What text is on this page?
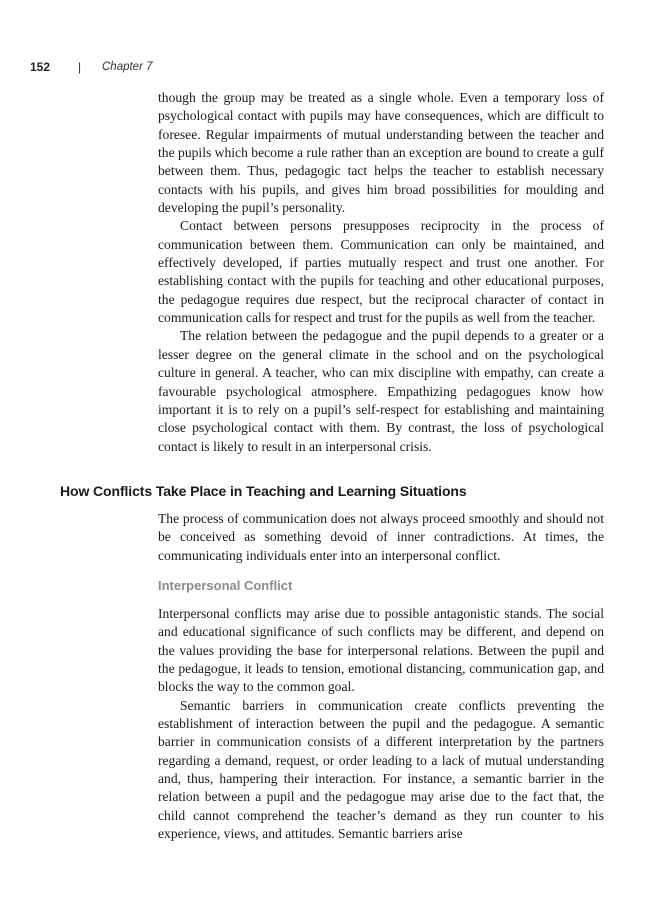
152	|	Chapter 7

though the group may be treated as a single whole. Even a temporary loss of psychological contact with pupils may have consequences, which are difficult to foresee. Regular impairments of mutual understanding between the teacher and the pupils which become a rule rather than an exception are bound to create a gulf between them. Thus, pedagogic tact helps the teacher to establish necessary contacts with his pupils, and gives him broad possibilities for moulding and developing the pupil’s personality.

Contact between persons presupposes reciprocity in the process of communication between them. Communication can only be maintained, and effectively developed, if parties mutually respect and trust one another. For establishing contact with the pupils for teaching and other educational purposes, the pedagogue requires due respect, but the reciprocal character of contact in communication calls for respect and trust for the pupils as well from the teacher.

The relation between the pedagogue and the pupil depends to a greater or a lesser degree on the general climate in the school and on the psychological culture in general. A teacher, who can mix discipline with empathy, can create a favourable psychological atmosphere. Empathizing pedagogues know how important it is to rely on a pupil’s self-respect for establishing and maintaining close psychological contact with them. By contrast, the loss of psychological contact is likely to result in an interpersonal crisis.

How Conflicts Take Place in Teaching and Learning Situations

The process of communication does not always proceed smoothly and should not be conceived as something devoid of inner contradictions. At times, the communicating individuals enter into an interpersonal conflict.

Interpersonal Conflict

Interpersonal conflicts may arise due to possible antagonistic stands. The social and educational significance of such conflicts may be different, and depend on the values providing the base for interpersonal relations. Between the pupil and the pedagogue, it leads to tension, emotional distancing, communication gap, and blocks the way to the common goal.

Semantic barriers in communication create conflicts preventing the establishment of interaction between the pupil and the pedagogue. A semantic barrier in communication consists of a different interpretation by the partners regarding a demand, request, or order leading to a lack of mutual understanding and, thus, hampering their interaction. For instance, a semantic barrier in the relation between a pupil and the pedagogue may arise due to the fact that, the child cannot comprehend the teacher’s demand as they run counter to his experience, views, and attitudes. Semantic barriers arise
